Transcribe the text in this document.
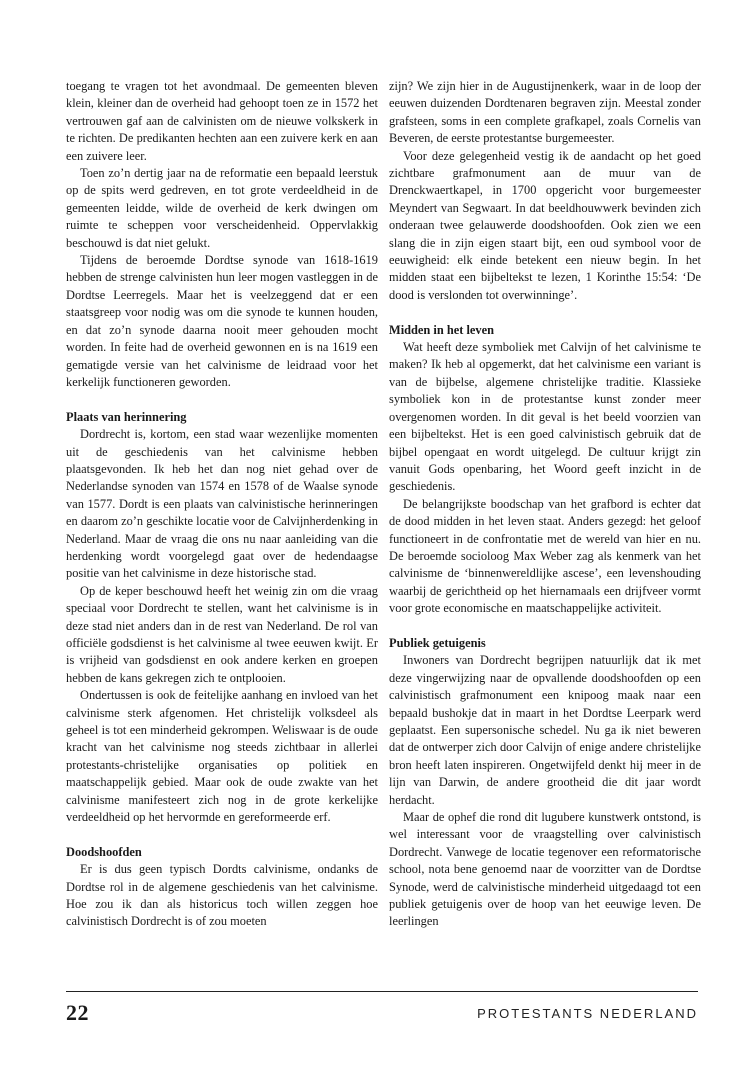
toegang te vragen tot het avondmaal. De gemeenten bleven klein, kleiner dan de overheid had gehoopt toen ze in 1572 het vertrouwen gaf aan de calvinisten om de nieuwe volkskerk in te richten. De predikanten hechten aan een zuivere kerk en aan een zuivere leer.

Toen zo’n dertig jaar na de reformatie een bepaald leerstuk op de spits werd gedreven, en tot grote verdeeldheid in de gemeenten leidde, wilde de overheid de kerk dwingen om ruimte te scheppen voor verscheidenheid. Oppervlakkig beschouwd is dat niet gelukt.

Tijdens de beroemde Dordtse synode van 1618-1619 hebben de strenge calvinisten hun leer mogen vastleggen in de Dordtse Leerregels. Maar het is veelzeggend dat er een staatsgreep voor nodig was om die synode te kunnen houden, en dat zo’n synode daarna nooit meer gehouden mocht worden. In feite had de overheid gewonnen en is na 1619 een gematigde versie van het calvinisme de leidraad voor het kerkelijk functioneren geworden.

Plaats van herinnering

Dordrecht is, kortom, een stad waar wezenlijke momenten uit de geschiedenis van het calvinisme hebben plaatsgevonden. Ik heb het dan nog niet gehad over de Nederlandse synoden van 1574 en 1578 of de Waalse synode van 1577. Dordt is een plaats van calvinistische herinneringen en daarom zo’n geschikte locatie voor de Calvijnherdenking in Nederland. Maar de vraag die ons nu naar aanleiding van die herdenking wordt voorgelegd gaat over de hedendaagse positie van het calvinisme in deze historische stad.

Op de keper beschouwd heeft het weinig zin om die vraag speciaal voor Dordrecht te stellen, want het calvinisme is in deze stad niet anders dan in de rest van Nederland. De rol van officiële godsdienst is het calvinisme al twee eeuwen kwijt. Er is vrijheid van godsdienst en ook andere kerken en groepen hebben de kans gekregen zich te ontplooien.

Ondertussen is ook de feitelijke aanhang en invloed van het calvinisme sterk afgenomen. Het christelijk volksdeel als geheel is tot een minderheid gekrompen. Weliswaar is de oude kracht van het calvinisme nog steeds zichtbaar in allerlei protestants-christelijke organisaties op politiek en maatschappelijk gebied. Maar ook de oude zwakte van het calvinisme manifesteert zich nog in de grote kerkelijke verdeeldheid op het hervormde en gereformeerde erf.

Doodshoofden

Er is dus geen typisch Dordts calvinisme, ondanks de Dordtse rol in de algemene geschiedenis van het calvinisme. Hoe zou ik dan als historicus toch willen zeggen hoe calvinistisch Dordrecht is of zou moeten

zijn? We zijn hier in de Augustijnenkerk, waar in de loop der eeuwen duizenden Dordtenaren begraven zijn. Meestal zonder grafsteen, soms in een complete grafkapel, zoals Cornelis van Beveren, de eerste protestantse burgemeester.

Voor deze gelegenheid vestig ik de aandacht op het goed zichtbare grafmonument aan de muur van de Drenckwaertkapel, in 1700 opgericht voor burgemeester Meyndert van Segwaart. In dat beeldhouwwerk bevinden zich onderaan twee gelauwerde doodshoofden. Ook zien we een slang die in zijn eigen staart bijt, een oud symbool voor de eeuwigheid: elk einde betekent een nieuw begin. In het midden staat een bijbeltekst te lezen, 1 Korinthe 15:54: ‘De dood is verslonden tot overwinninge’.

Midden in het leven

Wat heeft deze symboliek met Calvijn of het calvinisme te maken? Ik heb al opgemerkt, dat het calvinisme een variant is van de bijbelse, algemene christelijke traditie. Klassieke symboliek kon in de protestantse kunst zonder meer overgenomen worden. In dit geval is het beeld voorzien van een bijbeltekst. Het is een goed calvinistisch gebruik dat de bijbel opengaat en wordt uitgelegd. De cultuur krijgt zin vanuit Gods openbaring, het Woord geeft inzicht in de geschiedenis.

De belangrijkste boodschap van het grafbord is echter dat de dood midden in het leven staat. Anders gezegd: het geloof functioneert in de confrontatie met de wereld van hier en nu. De beroemde socioloog Max Weber zag als kenmerk van het calvinisme de ‘binnenwereldlijke ascese’, een levenshouding waarbij de gerichtheid op het hiernamaals een drijfveer vormt voor grote economische en maatschappelijke activiteit.

Publiek getuigenis

Inwoners van Dordrecht begrijpen natuurlijk dat ik met deze vingerwijzing naar de opvallende doodshoofden op een calvinistisch grafmonument een knipoog maak naar een bepaald bushokje dat in maart in het Dordtse Leerpark werd geplaatst. Een supersonische schedel. Nu ga ik niet beweren dat de ontwerper zich door Calvijn of enige andere christelijke bron heeft laten inspireren. Ongetwijfeld denkt hij meer in de lijn van Darwin, de andere grootheid die dit jaar wordt herdacht.

Maar de ophef die rond dit lugubere kunstwerk ontstond, is wel interessant voor de vraagstelling over calvinistisch Dordrecht. Vanwege de locatie tegenover een reformatorische school, nota bene genoemd naar de voorzitter van de Dordtse Synode, werd de calvinistische minderheid uitgedaagd tot een publiek getuigenis over de hoop van het eeuwige leven. De leerlingen

22	PROTESTANTS NEDERLAND
